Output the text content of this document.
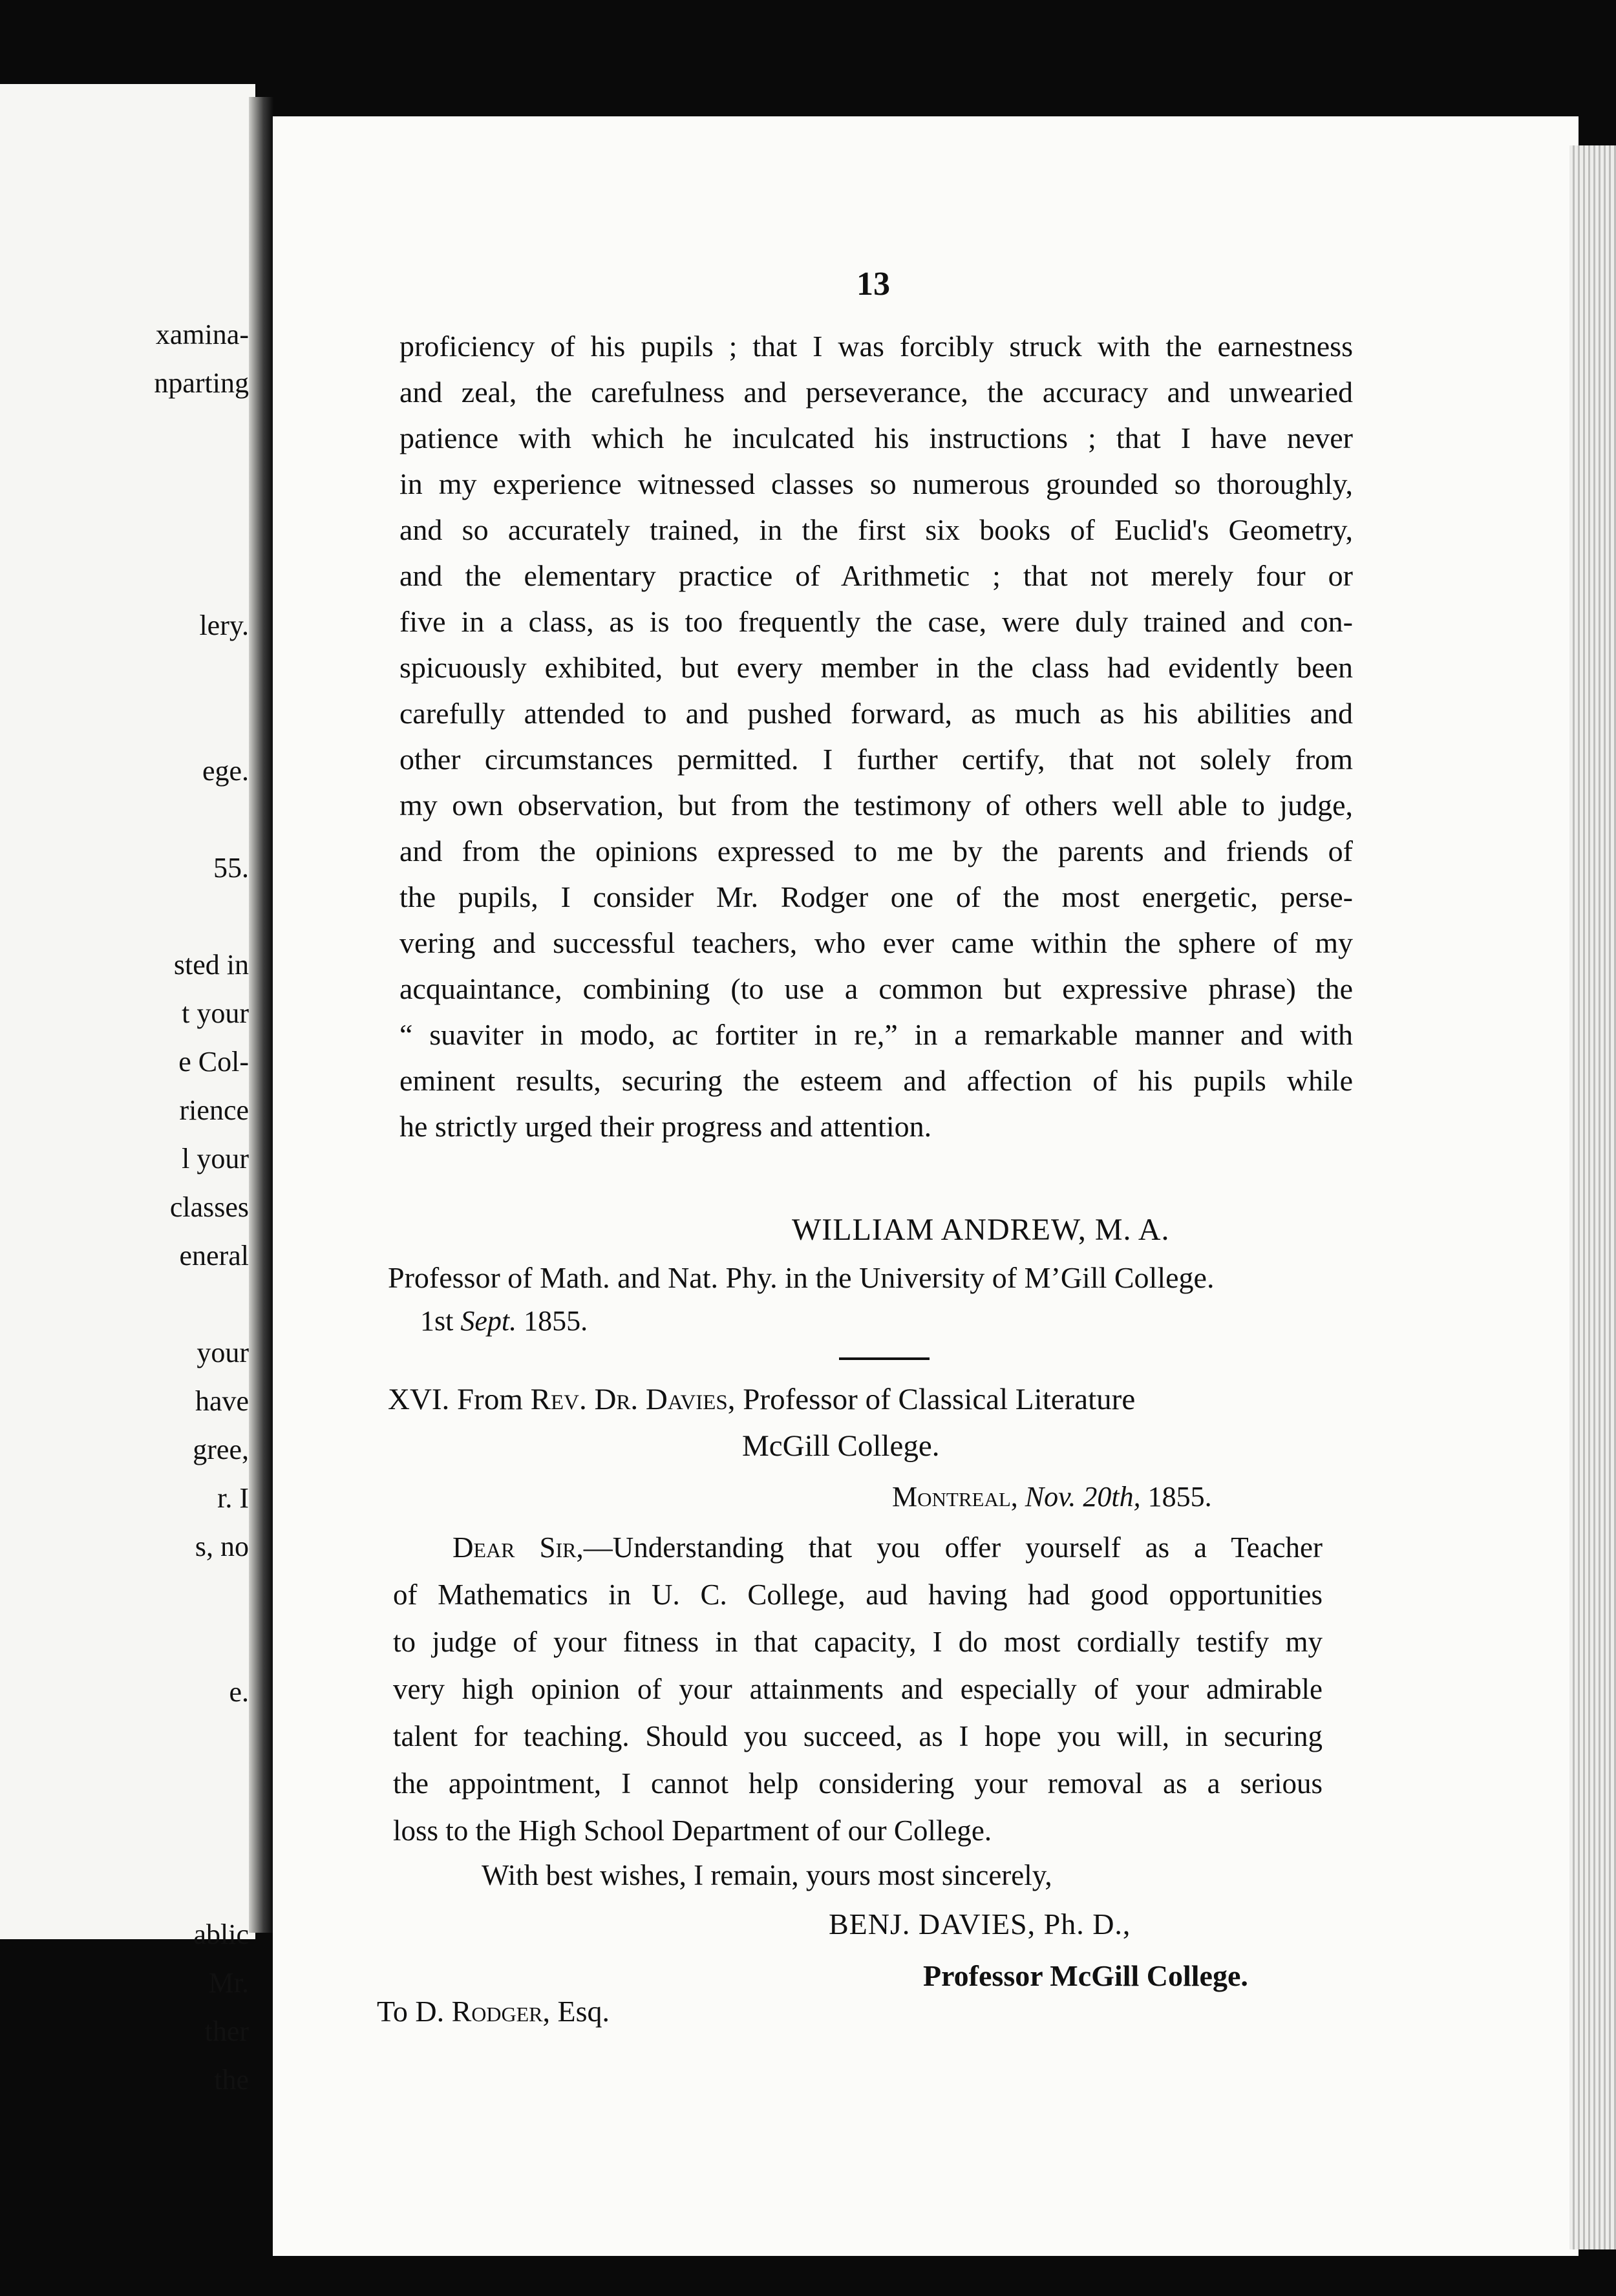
xamina-
nparting
lery.
ege.
55.
sted in
t your
e Col-
rience
l your
classes
eneral
your
have
gree,
r. I
s, no
e.
ablic
Mr.
ther
the
13
proficiency of his pupils ; that I was forcibly struck with the earnestness
and zeal, the carefulness and perseverance, the accuracy and unwearied
patience with which he inculcated his instructions ; that I have never
in my experience witnessed classes so numerous grounded so thoroughly,
and so accurately trained, in the first six books of Euclid's Geometry,
and the elementary practice of Arithmetic ; that not merely four or
five in a class, as is too frequently the case, were duly trained and con-
spicuously exhibited, but every member in the class had evidently been
carefully attended to and pushed forward, as much as his abilities and
other circumstances permitted. I further certify, that not solely from
my own observation, but from the testimony of others well able to judge,
and from the opinions expressed to me by the parents and friends of
the pupils, I consider Mr. Rodger one of the most energetic, perse-
vering and successful teachers, who ever came within the sphere of my
acquaintance, combining (to use a common but expressive phrase) the
“ suaviter in modo, ac fortiter in re,” in a remarkable manner and with
eminent results, securing the esteem and affection of his pupils while
he strictly urged their progress and attention.
WILLIAM ANDREW, M. A.
Professor of Math. and Nat. Phy. in the University of M’Gill College.
1st Sept. 1855.
XVI. From Rev. Dr. Davies, Professor of Classical Literature
McGill College.
Montreal, Nov. 20th, 1855.
Dear Sir,—Understanding that you offer yourself as a Teacher
of Mathematics in U. C. College, aud having had good opportunities
to judge of your fitness in that capacity, I do most cordially testify my
very high opinion of your attainments and especially of your admirable
talent for teaching. Should you succeed, as I hope you will, in securing
the appointment, I cannot help considering your removal as a serious
loss to the High School Department of our College.
With best wishes, I remain, yours most sincerely,
BENJ. DAVIES, Ph. D.,
Professor McGill College.
To D. Rodger, Esq.
